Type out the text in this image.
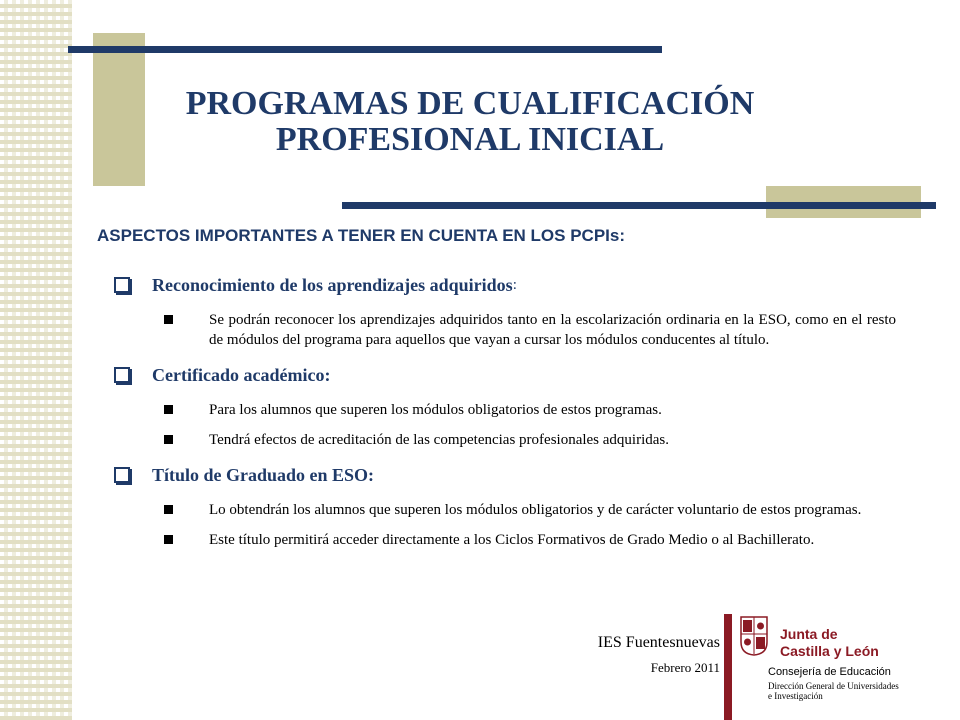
PROGRAMAS DE CUALIFICACIÓN
PROFESIONAL INICIAL
ASPECTOS IMPORTANTES A TENER EN CUENTA EN LOS PCPIs:
Reconocimiento de los aprendizajes adquiridos :
Se podrán reconocer los aprendizajes adquiridos tanto en la escolarización ordinaria en la ESO, como en el resto de módulos del programa para aquellos que vayan a cursar los módulos conducentes al título.
Certificado académico:
Para los alumnos que superen los módulos obligatorios de estos programas.
Tendrá efectos de acreditación de las competencias profesionales adquiridas.
Título de Graduado en ESO:
Lo obtendrán los alumnos que superen los módulos obligatorios y de carácter voluntario de estos programas.
Este título permitirá acceder directamente a los Ciclos Formativos de Grado Medio o al Bachillerato.
IES Fuentesnuevas
Febrero 2011
Junta de
Castilla y León
Consejería de Educación
Dirección General de Universidades
e Investigación
